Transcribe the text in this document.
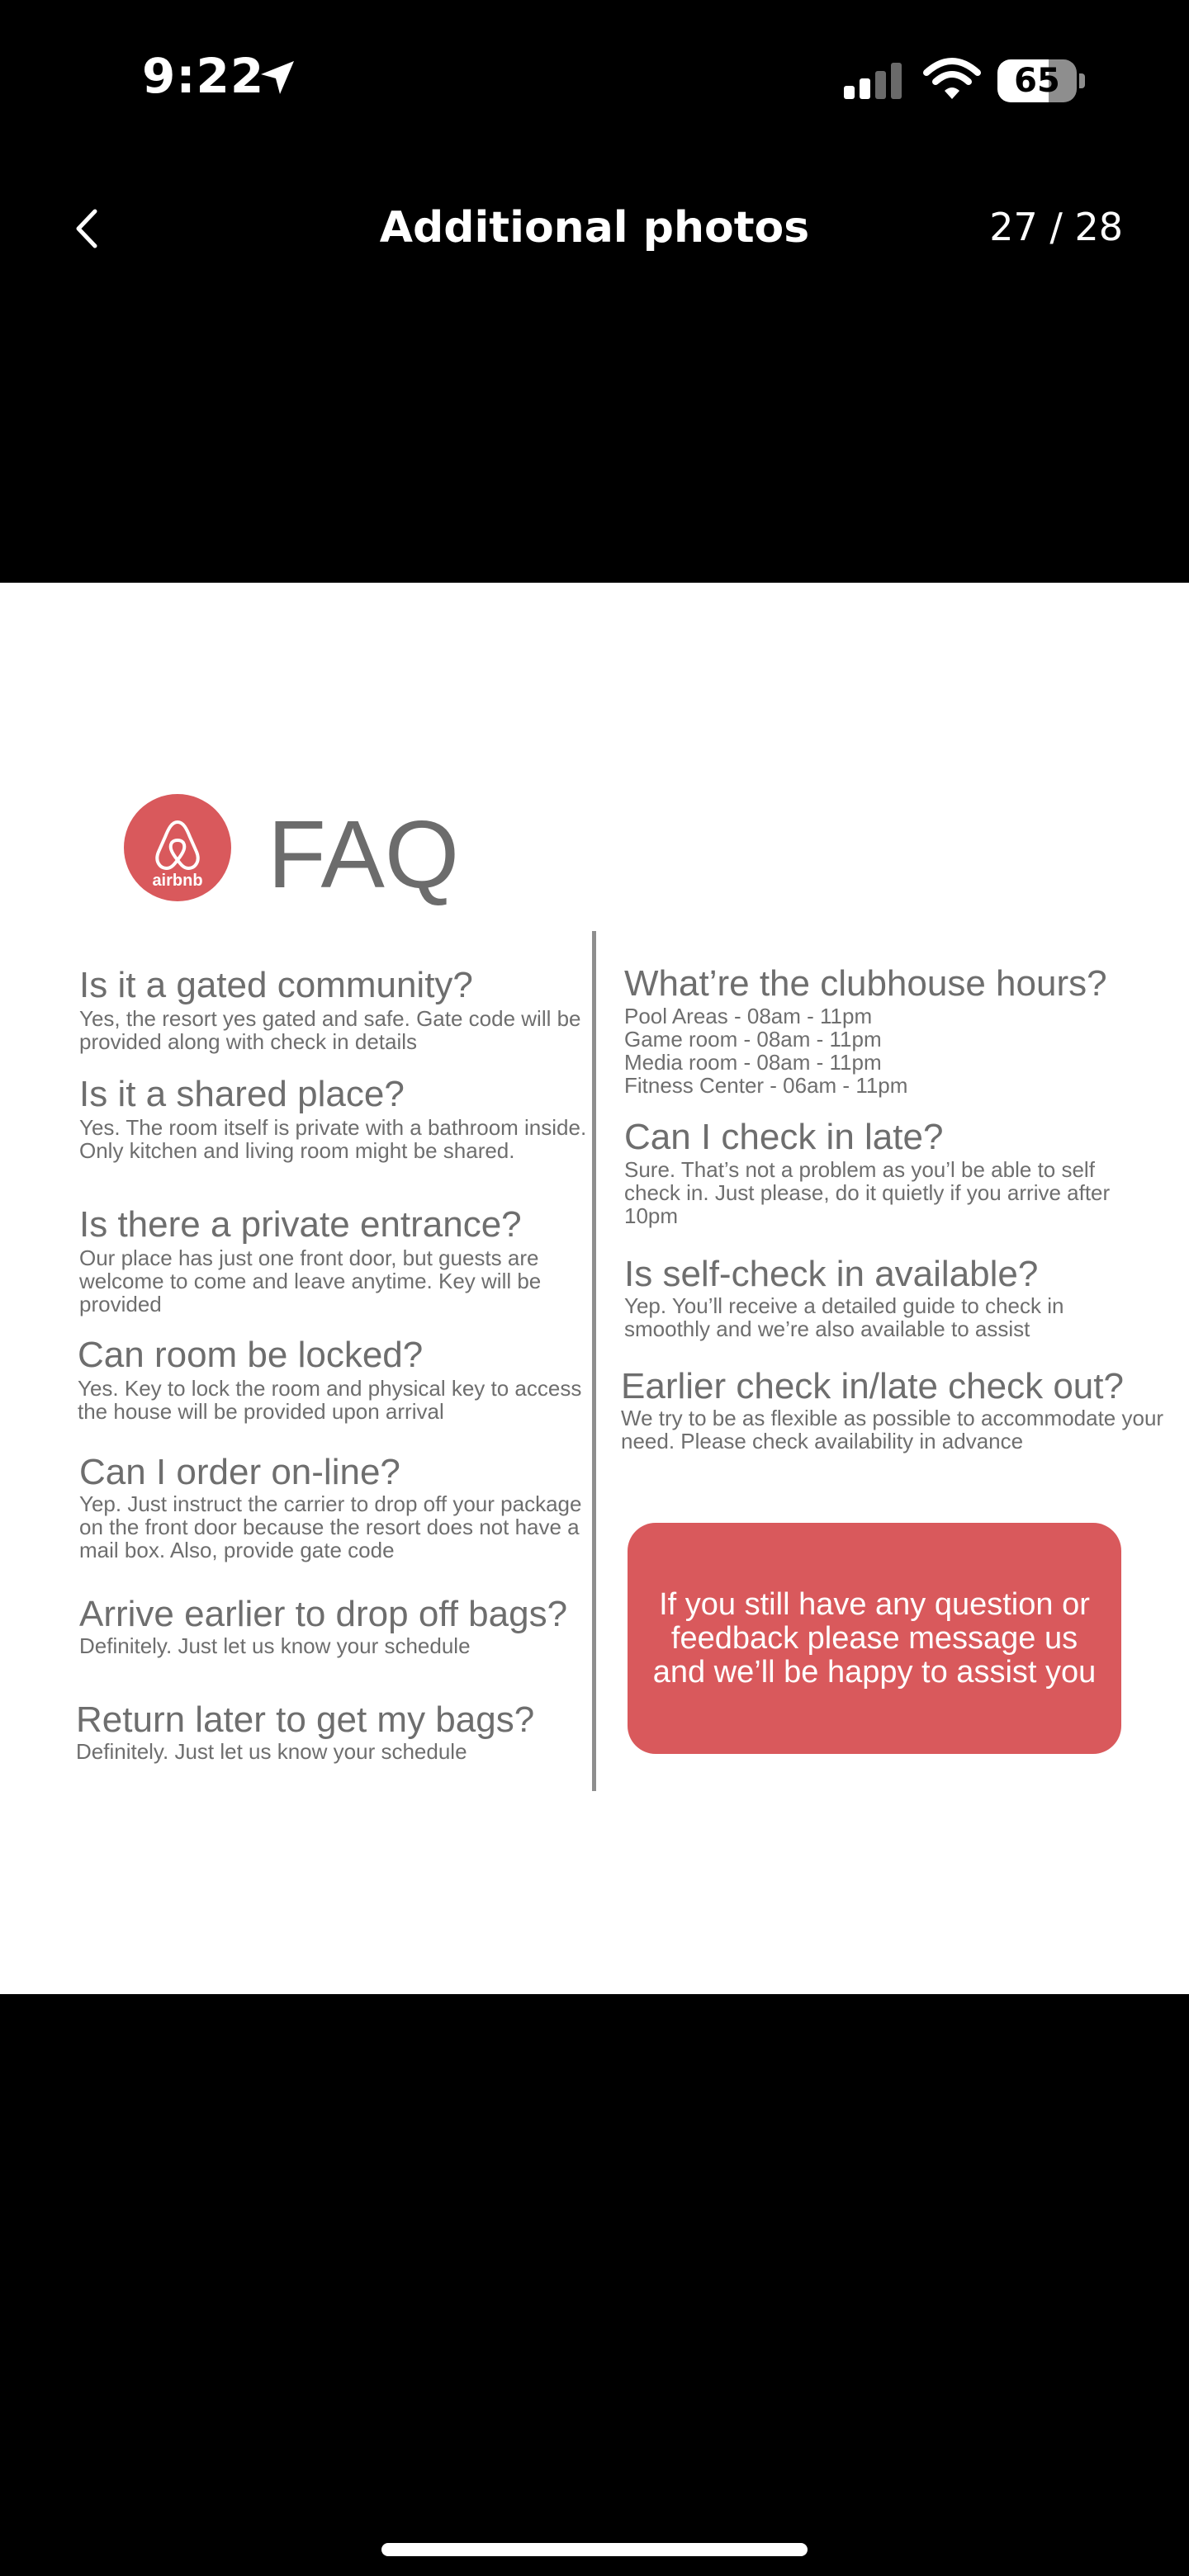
9:22	65
Additional photos	27 / 28
airbnb FAQ
Is it a gated community?
Yes, the resort yes gated and safe. Gate code will be provided along with check in details
Is it a shared place?
Yes. The room itself is private with a bathroom inside. Only kitchen and living room might be shared.
Is there a private entrance?
Our place has just one front door, but guests are welcome to come and leave anytime. Key will be provided
Can room be locked?
Yes. Key to lock the room and physical key to access the house will be provided upon arrival
Can I order on-line?
Yep. Just instruct the carrier to drop off your package on the front door because the resort does not have a mail box. Also, provide gate code
Arrive earlier to drop off bags?
Definitely. Just let us know your schedule
Return later to get my bags?
Definitely. Just let us know your schedule
What’re the clubhouse hours?
Pool Areas - 08am - 11pm
Game room - 08am - 11pm
Media room - 08am - 11pm
Fitness Center - 06am - 11pm
Can I check in late?
Sure. That’s not a problem as you’l be able to self check in. Just please, do it quietly if you arrive after 10pm
Is self-check in available?
Yep. You’ll receive a detailed guide to check in smoothly and we’re also available to assist
Earlier check in/late check out?
We try to be as flexible as possible to accommodate your need. Please check availability in advance
If you still have any question or feedback please message us and we’ll be happy to assist you
